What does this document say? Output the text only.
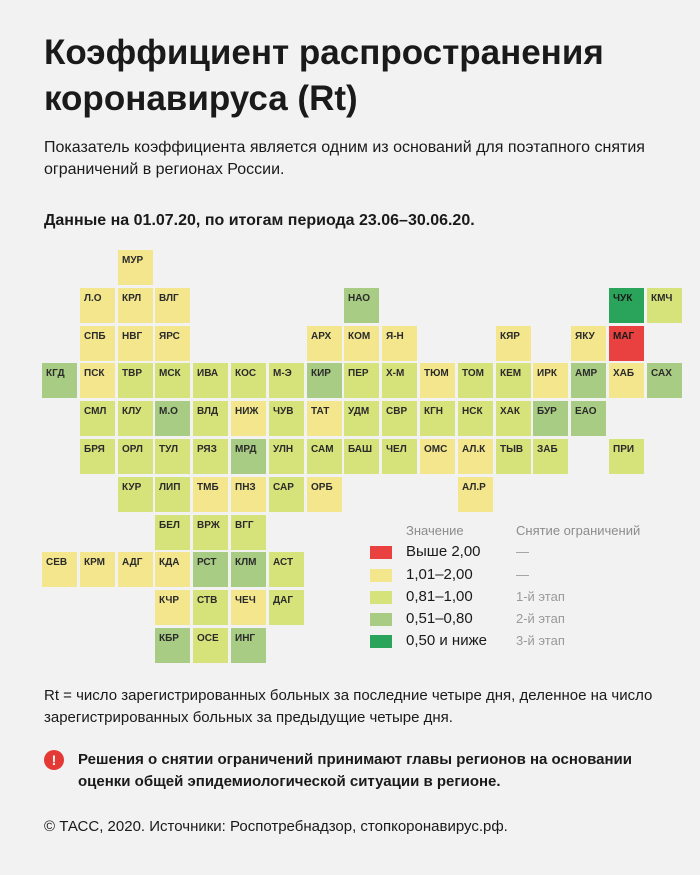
Коэффициент распространения коронавируса (Rt)
Показатель коэффициента является одним из оснований для поэтапного снятия ограничений в регионах России.
Данные на 01.07.20, по итогам периода 23.06–30.06.20.
МУР
Л.О	КРЛ	ВЛГ	НАО	ЧУК	КМЧ
СПБ	НВГ	ЯРС	АРХ	КОМ	Я-Н	КЯР	ЯКУ	МАГ
КГД	ПСК	ТВР	МСК	ИВА	КОС	М-Э	КИР	ПЕР	Х-М	ТЮМ	ТОМ	КЕМ	ИРК	АМР	ХАБ	САХ
СМЛ	КЛУ	М.О	ВЛД	НИЖ	ЧУВ	ТАТ	УДМ	СВР	КГН	НСК	ХАК	БУР	ЕАО
БРЯ	ОРЛ	ТУЛ	РЯЗ	МРД	УЛН	САМ	БАШ	ЧЕЛ	ОМС	АЛ.К	ТЫВ	ЗАБ	ПРИ
КУР	ЛИП	ТМБ	ПНЗ	САР	ОРБ	АЛ.Р
БЕЛ	ВРЖ	ВГГ
СЕВ	КРМ	АДГ	КДА	РСТ	КЛМ	АСТ
КЧР	СТВ	ЧЕЧ	ДАГ
КБР	ОСЕ	ИНГ
Значение	Снятие ограничений
Выше 2,00	—
1,01–2,00	—
0,81–1,00	1-й этап
0,51–0,80	2-й этап
0,50 и ниже 3-й этап
Rt = число зарегистрированных больных за последние четыре дня, деленное на число зарегистрированных больных за предыдущие четыре дня.
!	Решения о снятии ограничений принимают главы регионов на основании оценки общей эпидемиологической ситуации в регионе.
© ТАСС, 2020. Источники: Роспотребнадзор, стопкоронавирус.рф.
